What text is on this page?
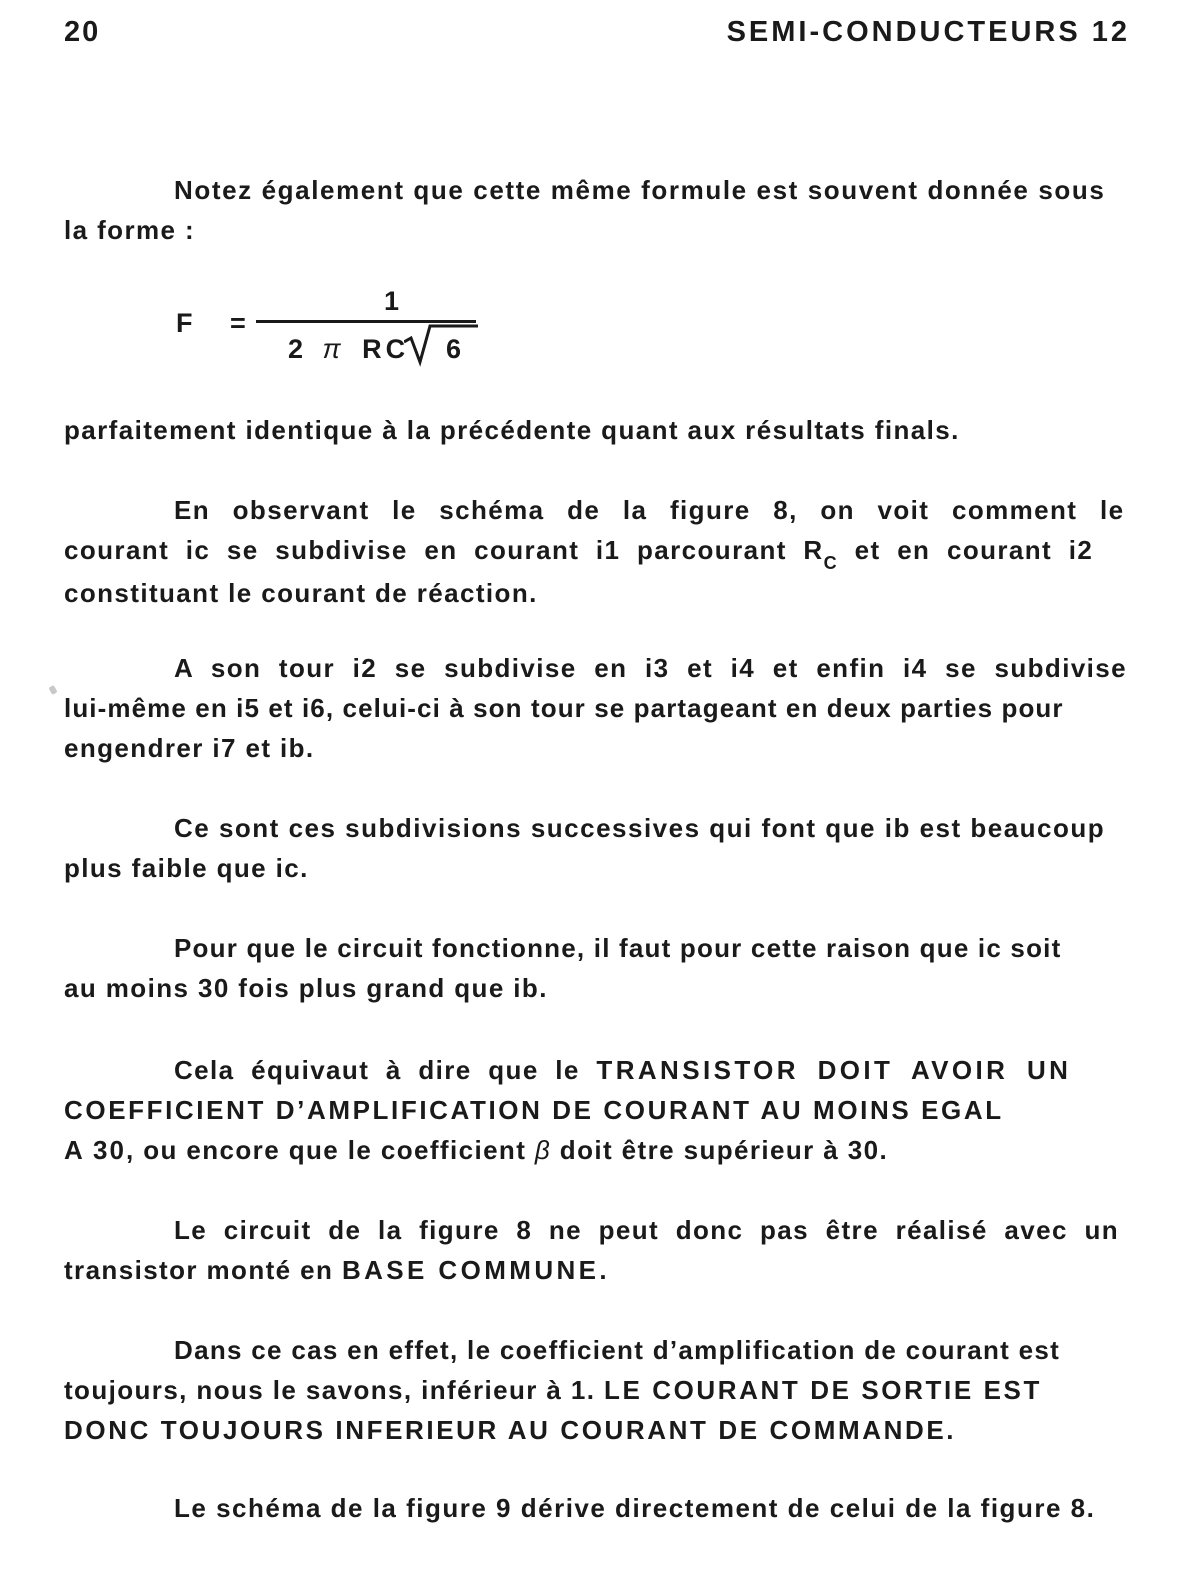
20	SEMI-CONDUCTEURS 12
Notez également que cette même formule est souvent donnée sous
la forme :
F =
1
2 π RC 6
parfaitement identique à la précédente quant aux résultats finals.
En observant le schéma de la figure 8, on voit comment le
courant ic se subdivise en courant i1 parcourant $R_C$ et en courant i2
constituant le courant de réaction.
A son tour i2 se subdivise en i3 et i4 et enfin i4 se subdivise
lui-même en i5 et i6, celui-ci à son tour se partageant en deux parties pour
engendrer i7 et ib.
Ce sont ces subdivisions successives qui font que ib est beaucoup
plus faible que ic.
Pour que le circuit fonctionne, il faut pour cette raison que ic soit
au moins 30 fois plus grand que ib.
Cela équivaut à dire que le TRANSISTOR DOIT AVOIR UN
COEFFICIENT D’AMPLIFICATION DE COURANT AU MOINS EGAL
A 30, ou encore que le coefficient β doit être supérieur à 30.
Le circuit de la figure 8 ne peut donc pas être réalisé avec un
transistor monté en BASE COMMUNE.
Dans ce cas en effet, le coefficient d’amplification de courant est
toujours, nous le savons, inférieur à 1. LE COURANT DE SORTIE EST
DONC TOUJOURS INFERIEUR AU COURANT DE COMMANDE.
Le schéma de la figure 9 dérive directement de celui de la figure 8.
